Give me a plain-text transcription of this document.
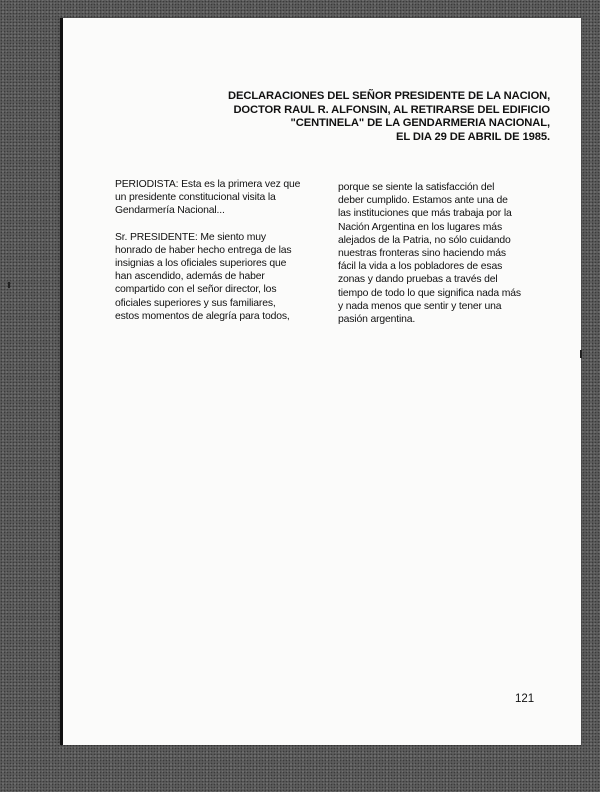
DECLARACIONES DEL SEÑOR PRESIDENTE DE LA NACION,
DOCTOR RAUL R. ALFONSIN, AL RETIRARSE DEL EDIFICIO
"CENTINELA" DE LA GENDARMERIA NACIONAL,
EL DIA 29 DE ABRIL DE 1985.
PERIODISTA: Esta es la primera vez que
un presidente constitucional visita la
Gendarmería Nacional...
Sr. PRESIDENTE: Me siento muy
honrado de haber hecho entrega de las
insignias a los oficiales superiores que
han ascendido, además de haber
compartido con el señor director, los
oficiales superiores y sus familiares,
estos momentos de alegría para todos,
porque se siente la satisfacción del
deber cumplido. Estamos ante una de
las instituciones que más trabaja por la
Nación Argentina en los lugares más
alejados de la Patria, no sólo cuidando
nuestras fronteras sino haciendo más
fácil la vida a los pobladores de esas
zonas y dando pruebas a través del
tiempo de todo lo que significa nada más
y nada menos que sentir y tener una
pasión argentina.
121
